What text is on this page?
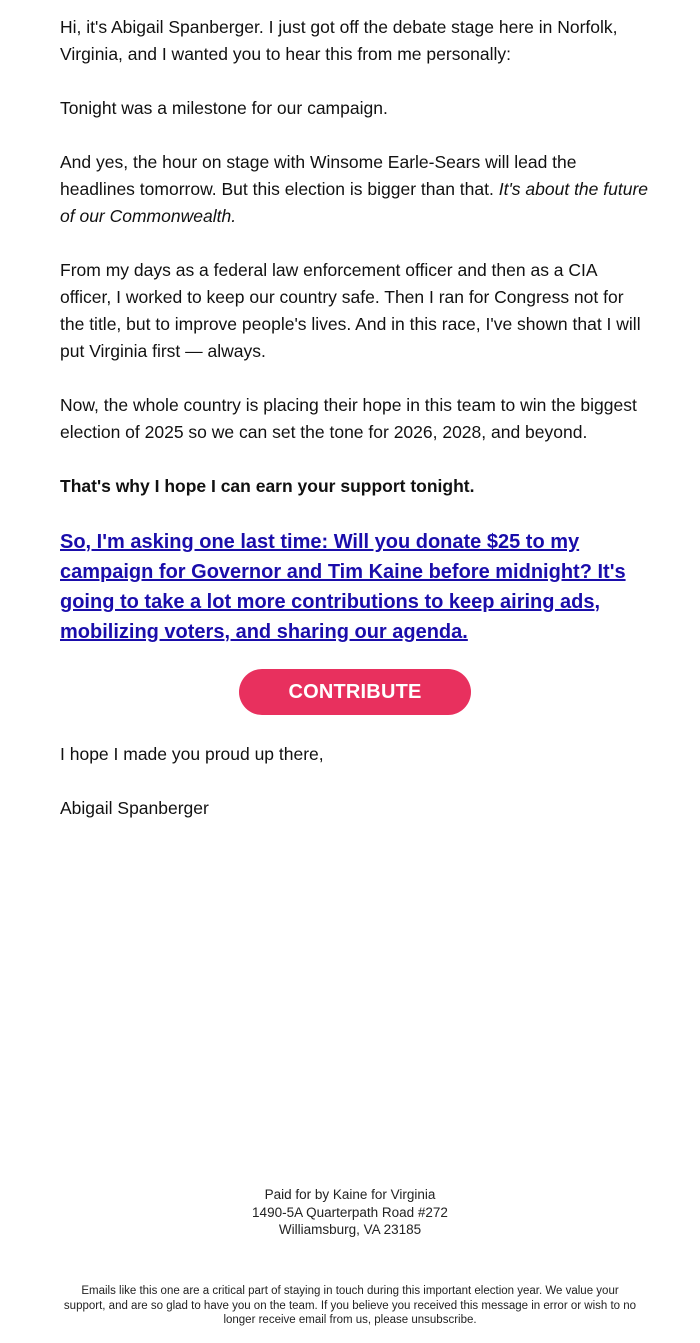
Hi, it's Abigail Spanberger. I just got off the debate stage here in Norfolk, Virginia, and I wanted you to hear this from me personally:

Tonight was a milestone for our campaign.

And yes, the hour on stage with Winsome Earle-Sears will lead the headlines tomorrow. But this election is bigger than that. It's about the future of our Commonwealth.

From my days as a federal law enforcement officer and then as a CIA officer, I worked to keep our country safe. Then I ran for Congress not for the title, but to improve people's lives. And in this race, I've shown that I will put Virginia first — always.

Now, the whole country is placing their hope in this team to win the biggest election of 2025 so we can set the tone for 2026, 2028, and beyond.

That's why I hope I can earn your support tonight.

So, I'm asking one last time: Will you donate $25 to my campaign for Governor and Tim Kaine before midnight? It's going to take a lot more contributions to keep airing ads, mobilizing voters, and sharing our agenda.
CONTRIBUTE

I hope I made you proud up there,

Abigail Spanberger

Paid for by Kaine for Virginia
1490-5A Quarterpath Road #272
Williamsburg, VA 23185
Emails like this one are a critical part of staying in touch during this important election year. We value your support, and are so glad to have you on the team. If you believe you received this message in error or wish to no longer receive email from us, please unsubscribe.
